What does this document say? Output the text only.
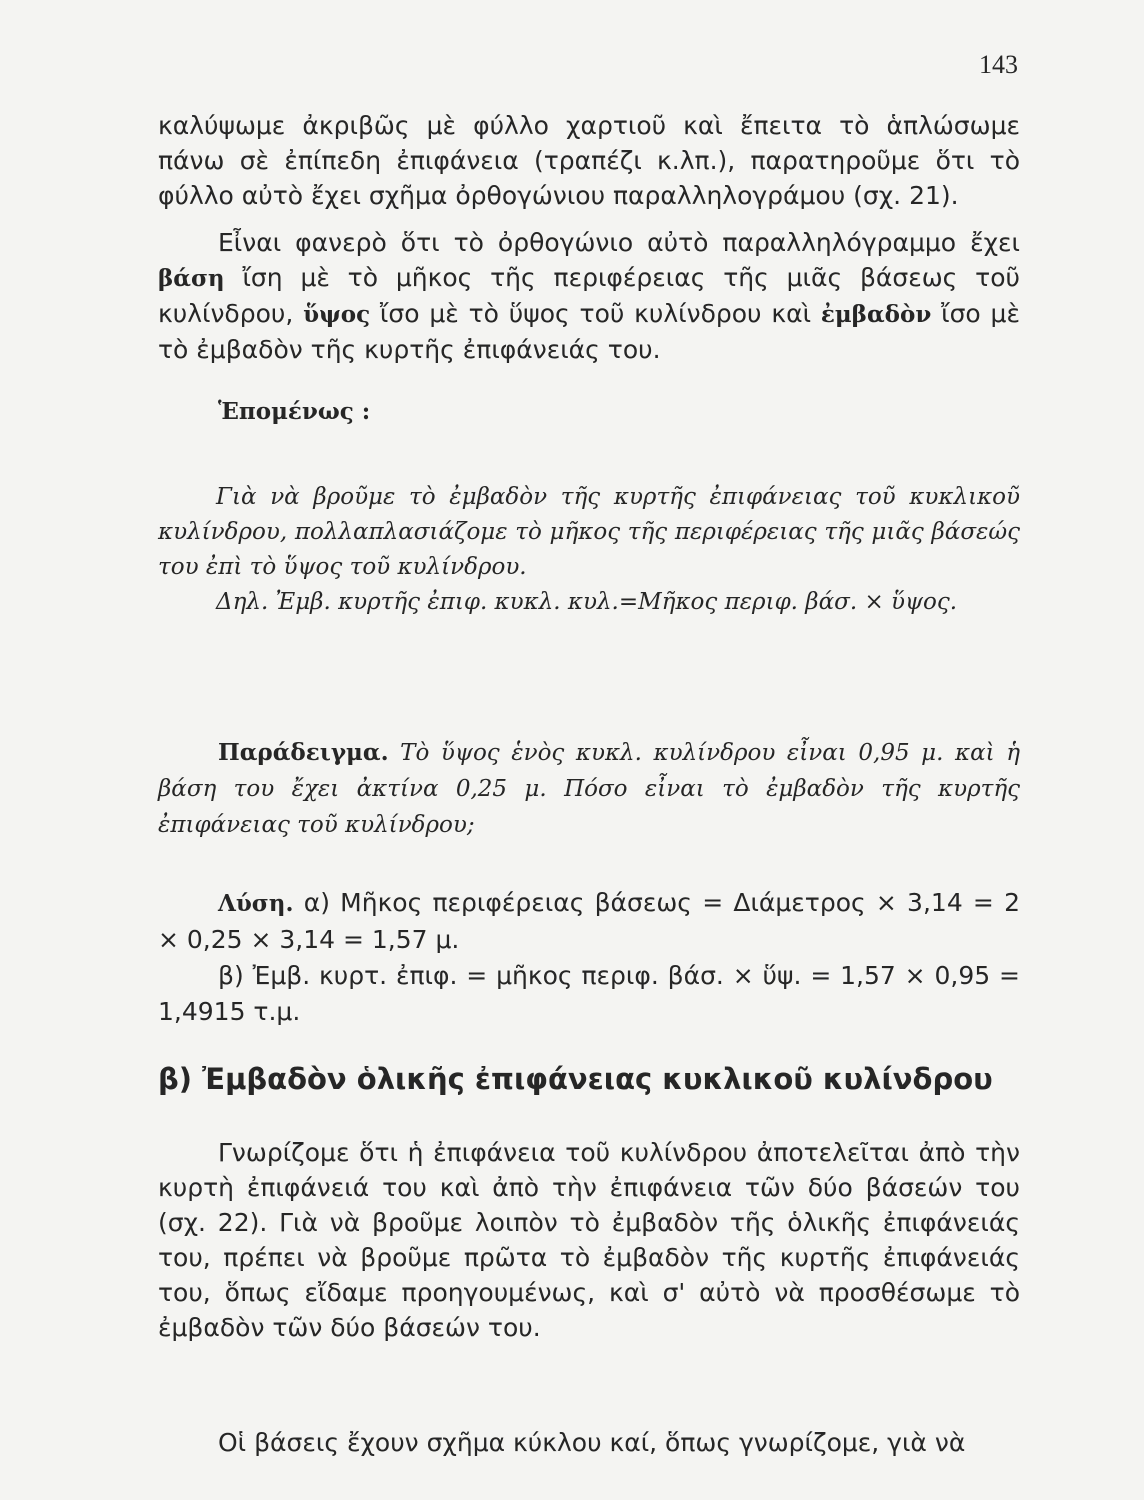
143

καλύψωμε ἀκριβῶς μὲ φύλλο χαρτιοῦ καὶ ἔπειτα τὸ ἁπλώσωμε πάνω σὲ ἐπίπεδη ἐπιφάνεια (τραπέζι κ.λπ.), παρατηροῦμε ὅτι τὸ φύλλο αὐτὸ ἔχει σχῆμα ὀρθογώνιου παραλληλογράμου (σχ. 21).

Εἶναι φανερὸ ὅτι τὸ ὀρθογώνιο αὐτὸ παραλληλόγραμμο ἔχει βάση ἴση μὲ τὸ μῆκος τῆς περιφέρειας τῆς μιᾶς βάσεως τοῦ κυλίνδρου, ὕψος ἴσο μὲ τὸ ὕψος τοῦ κυλίνδρου καὶ ἐμβαδὸν ἴσο μὲ τὸ ἐμβαδὸν τῆς κυρτῆς ἐπιφάνειάς του.

Ἑπομένως :

Γιὰ νὰ βροῦμε τὸ ἐμβαδὸν τῆς κυρτῆς ἐπιφάνειας τοῦ κυκλικοῦ κυλίνδρου, πολλαπλασιάζομε τὸ μῆκος τῆς περιφέρειας τῆς μιᾶς βάσεώς του ἐπὶ τὸ ὕψος τοῦ κυλίνδρου.

Δηλ. Ἐμβ. κυρτῆς ἐπιφ. κυκλ. κυλ.=Μῆκος περιφ. βάσ. × ὕψος.

Παράδειγμα. Τὸ ὕψος ἑνὸς κυκλ. κυλίνδρου εἶναι 0,95 μ. καὶ ἡ βάση του ἔχει ἀκτίνα 0,25 μ. Πόσο εἶναι τὸ ἐμβαδὸν τῆς κυρτῆς ἐπιφάνειας τοῦ κυλίνδρου;

Λύση. α) Μῆκος περιφέρειας βάσεως = Διάμετρος × 3,14 = 2 × 0,25 × 3,14 = 1,57 μ.

β) Ἐμβ. κυρτ. ἐπιφ. = μῆκος περιφ. βάσ. × ὕψ. = 1,57 × 0,95 = 1,4915 τ.μ.

β) Ἐμβαδὸν ὁλικῆς ἐπιφάνειας κυκλικοῦ κυλίνδρου

Γνωρίζομε ὅτι ἡ ἐπιφάνεια τοῦ κυλίνδρου ἀποτελεῖται ἀπὸ τὴν κυρτὴ ἐπιφάνειά του καὶ ἀπὸ τὴν ἐπιφάνεια τῶν δύο βάσεών του (σχ. 22). Γιὰ νὰ βροῦμε λοιπὸν τὸ ἐμβαδὸν τῆς ὁλικῆς ἐπιφάνειάς του, πρέπει νὰ βροῦμε πρῶτα τὸ ἐμβαδὸν τῆς κυρτῆς ἐπιφάνειάς του, ὅπως εἴδαμε προηγουμένως, καὶ σ' αὐτὸ νὰ προσθέσωμε τὸ ἐμβαδὸν τῶν δύο βάσεών του.

Οἱ βάσεις ἔχουν σχῆμα κύκλου καί, ὅπως γνωρίζομε, γιὰ νὰ
